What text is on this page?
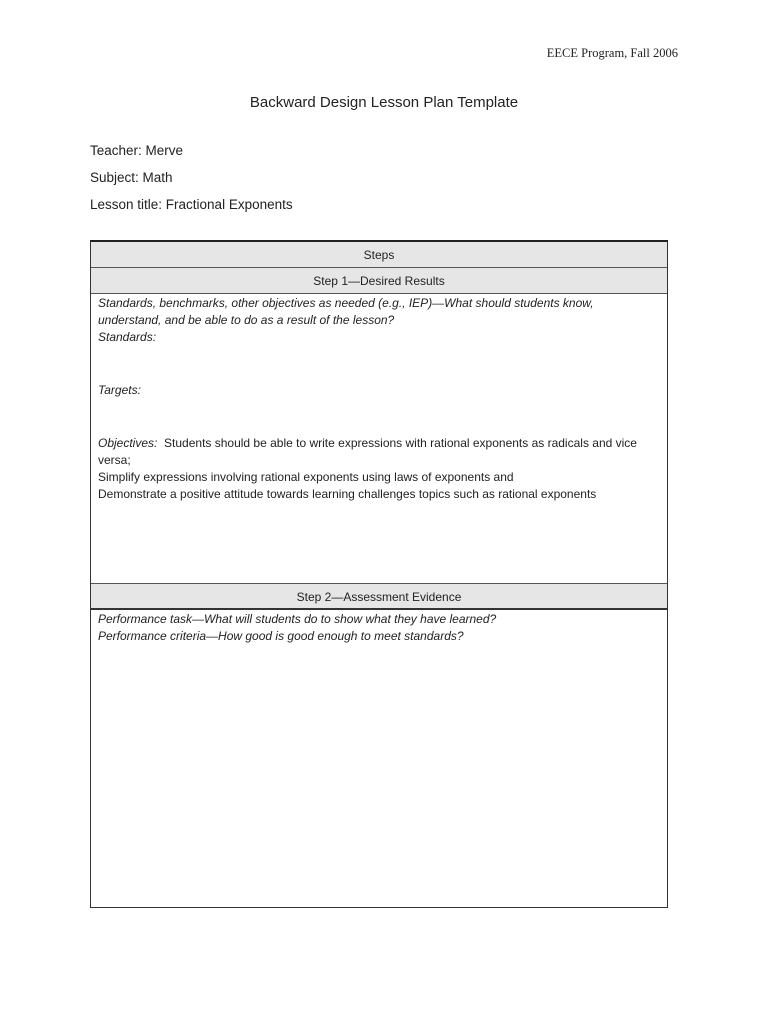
EECE Program, Fall 2006
Backward Design Lesson Plan Template
Teacher: Merve
Subject: Math
Lesson title: Fractional Exponents
Steps
Step 1—Desired Results

Standards, benchmarks, other objectives as needed (e.g., IEP)—What should students know, understand, and be able to do as a result of the lesson?

Standards:

Targets:

Objectives: Students should be able to write expressions with rational exponents as radicals and vice versa;

Simplify expressions involving rational exponents using laws of exponents and

Demonstrate a positive attitude towards learning challenges topics such as rational exponents

Step 2—Assessment Evidence

Performance task—What will students do to show what they have learned?

Performance criteria—How good is good enough to meet standards?
